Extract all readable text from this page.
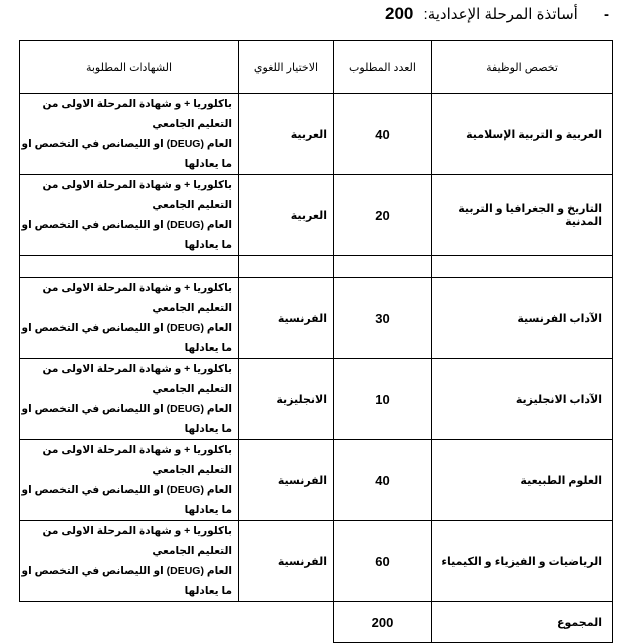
- أساتذة المرحلة الإعدادية: 200
تخصص الوظيفة	العدد المطلوب	الاختيار اللغوي	الشهادات المطلوبة
العربية و التربية الإسلامية	40	العربية	باكلوريا + و شهادة المرحلة الاولى من التعليم الجامعي
العام (DEUG) او الليصانص في التخصص او ما يعادلها

التاريخ و الجغرافيا و التربية المدنية	20	العربية	باكلوريا + و شهادة المرحلة الاولى من التعليم الجامعي
العام (DEUG) او الليصانص في التخصص او ما يعادلها

الآداب الفرنسية	30	الفرنسية	باكلوريا + و شهادة المرحلة الاولى من التعليم الجامعي
العام (DEUG) او الليصانص في التخصص او ما يعادلها

الآداب الانجليزية	10	الانجليزية	باكلوريا + و شهادة المرحلة الاولى من التعليم الجامعي
العام (DEUG) او الليصانص في التخصص او ما يعادلها

العلوم الطبيعية	40	الفرنسية	باكلوريا + و شهادة المرحلة الاولى من التعليم الجامعي
العام (DEUG) او الليصانص في التخصص او ما يعادلها

الرياضيات و الفيزياء و الكيمياء	60	الفرنسية	باكلوريا + و شهادة المرحلة الاولى من التعليم الجامعي
العام (DEUG) او الليصانص في التخصص او ما يعادلها

المجموع	200		
